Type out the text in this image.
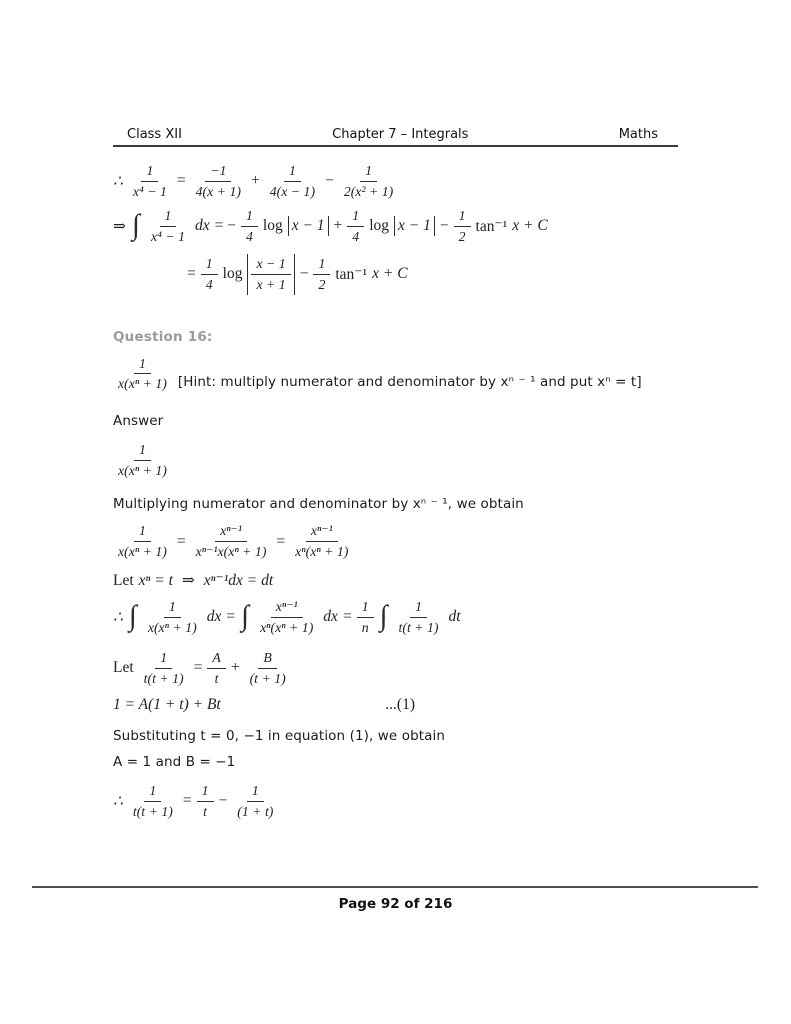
Class XII	Chapter 7 – Integrals	Maths
∴ $\frac{1}{\text{x⁴ − 1}} = \frac{-1}{4(x + 1)} + \frac{1}{4(x - 1)} - \frac{1}{\text{2(x² + 1)}}$
⇒ ∫ $\frac{1}{\text{x⁴ − 1}}$ dx = − $\frac{1}{4}$ $\log x - 1 + \frac{1}{4}$ $\log x - 1 - \frac{1}{2} \tan^{-1}$ x + C
= $\frac{1}{4}$ $\log \frac{x - 1}{x + 1} - \frac{1}{2} \tan^{-1}$ x + C
Question 16:
$\frac{1}{\text{x(xⁿ + 1)}}$ [Hint: multiply numerator and denominator by xⁿ ⁻ ¹ and put xⁿ = t]
Answer
$\frac{1}{\text{x(xⁿ + 1)}}$

Multiplying numerator and denominator by xⁿ ⁻ ¹, we obtain

$\frac{1}{\text{x(xⁿ + 1)}} = \frac{\text{xⁿ⁻¹}}{\text{xⁿ⁻¹x(xⁿ + 1)}} = \frac{\text{xⁿ⁻¹}}{\text{xⁿ(xⁿ + 1)}}$
Let xⁿ = t ⇒ xⁿ⁻¹dx = dt
∴ ∫ $\frac{1}{\text{x(xⁿ + 1)}}$ dx = ∫ $\frac{\text{xⁿ⁻¹}}{\text{xⁿ(xⁿ + 1)}}$ dx = $\frac{1}{n}$ ∫ $\frac{1}{t(t + 1)}$ dt
Let $\frac{1}{t(t + 1)} = \frac{A}{t} + \frac{B}{(t + 1)}$
1 = A(1 + t) + Bt	...(1)

Substituting t = 0, −1 in equation (1), we obtain

A = 1 and B = −1

∴ $\frac{1}{t(t + 1)} = \frac{1}{t} - \frac{1}{(1 + t)}$
Page 92 of 216
